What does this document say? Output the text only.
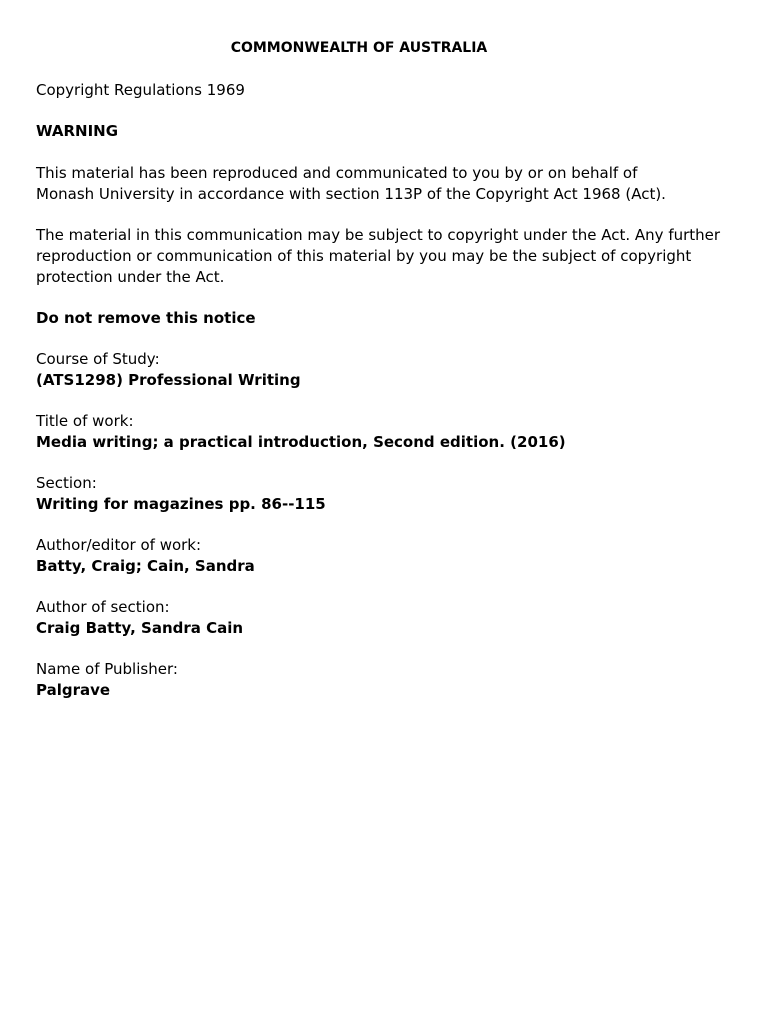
COMMONWEALTH OF AUSTRALIA
Copyright Regulations 1969
WARNING
This material has been reproduced and communicated to you by or on behalf of
Monash University in accordance with section 113P of the Copyright Act 1968 (Act).
The material in this communication may be subject to copyright under the Act. Any further
reproduction or communication of this material by you may be the subject of copyright
protection under the Act.
Do not remove this notice
Course of Study:
(ATS1298) Professional Writing
Title of work:
Media writing; a practical introduction, Second edition. (2016)
Section:
Writing for magazines pp. 86--115
Author/editor of work:
Batty, Craig; Cain, Sandra
Author of section:
Craig Batty, Sandra Cain
Name of Publisher:
Palgrave
